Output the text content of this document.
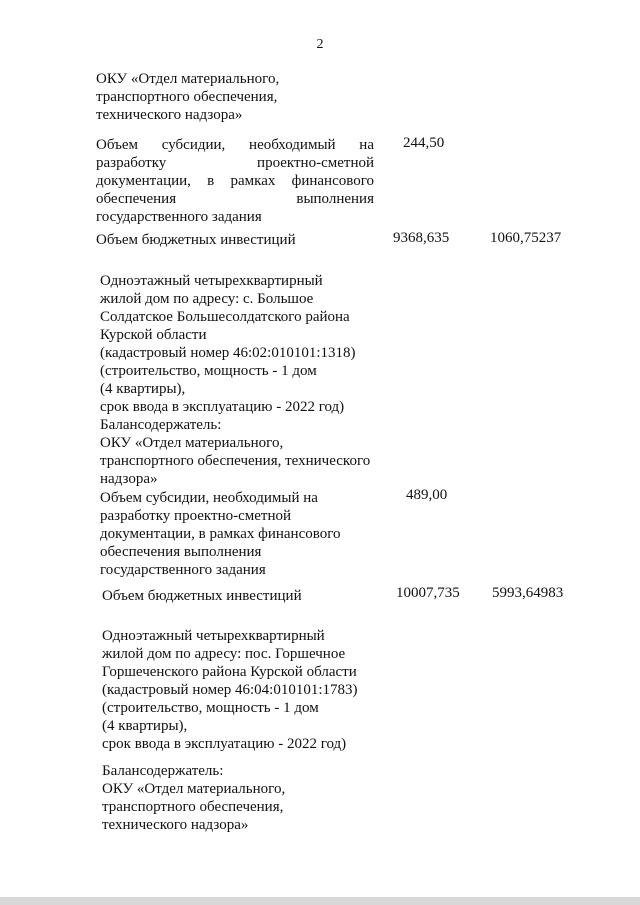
2
ОКУ «Отдел материального,
транспортного обеспечения,
технического надзора»
Объем субсидии, необходимый на
разработку проектно-сметной
документации, в рамках финансового
обеспечения выполнения
государственного задания
244,50
Объем бюджетных инвестиций	9368,635	1060,75237
Одноэтажный четырехквартирный
жилой дом по адресу: с. Большое
Солдатское Большесолдатского района
Курской области
(кадастровый номер 46:02:010101:1318)
(строительство, мощность - 1 дом
(4 квартиры),
срок ввода в эксплуатацию - 2022 год)
Балансодержатель:
ОКУ «Отдел материального,
транспортного обеспечения, технического
надзора»
Объем субсидии, необходимый на
разработку проектно-сметной
документации, в рамках финансового
обеспечения выполнения
государственного задания
489,00
Объем бюджетных инвестиций	10007,735 5993,64983
Одноэтажный четырехквартирный
жилой дом по адресу: пос. Горшечное
Горшеченского района Курской области
(кадастровый номер 46:04:010101:1783)
(строительство, мощность - 1 дом
(4 квартиры),
срок ввода в эксплуатацию - 2022 год)
Балансодержатель:
ОКУ «Отдел материального,
транспортного обеспечения,
технического надзора»
